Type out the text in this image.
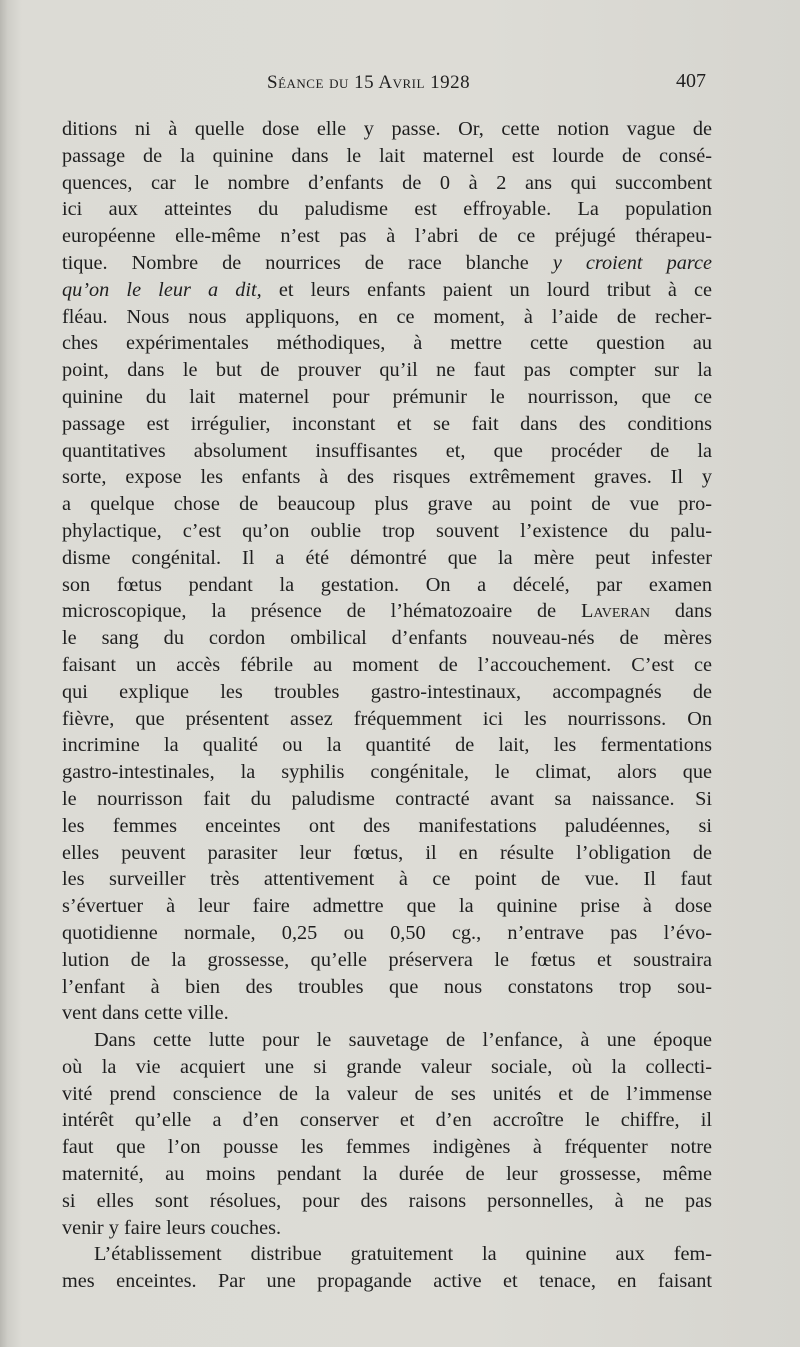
Séance du 15 Avril 1928	407
ditions ni à quelle dose elle y passe. Or, cette notion vague de
passage de la quinine dans le lait maternel est lourde de consé-
quences, car le nombre d’enfants de 0 à 2 ans qui succombent
ici aux atteintes du paludisme est effroyable. La population
européenne elle-même n’est pas à l’abri de ce préjugé thérapeu-
tique. Nombre de nourrices de race blanche y croient parce
qu’on le leur a dit, et leurs enfants paient un lourd tribut à ce
fléau. Nous nous appliquons, en ce moment, à l’aide de recher-
ches expérimentales méthodiques, à mettre cette question au
point, dans le but de prouver qu’il ne faut pas compter sur la
quinine du lait maternel pour prémunir le nourrisson, que ce
passage est irrégulier, inconstant et se fait dans des conditions
quantitatives absolument insuffisantes et, que procéder de la
sorte, expose les enfants à des risques extrêmement graves. Il y
a quelque chose de beaucoup plus grave au point de vue pro-
phylactique, c’est qu’on oublie trop souvent l’existence du palu-
disme congénital. Il a été démontré que la mère peut infester
son fœtus pendant la gestation. On a décelé, par examen
microscopique, la présence de l’hématozoaire de Laveran dans
le sang du cordon ombilical d’enfants nouveau-nés de mères
faisant un accès fébrile au moment de l’accouchement. C’est ce
qui explique les troubles gastro-intestinaux, accompagnés de
fièvre, que présentent assez fréquemment ici les nourrissons. On
incrimine la qualité ou la quantité de lait, les fermentations
gastro-intestinales, la syphilis congénitale, le climat, alors que
le nourrisson fait du paludisme contracté avant sa naissance. Si
les femmes enceintes ont des manifestations paludéennes, si
elles peuvent parasiter leur fœtus, il en résulte l’obligation de
les surveiller très attentivement à ce point de vue. Il faut
s’évertuer à leur faire admettre que la quinine prise à dose
quotidienne normale, 0,25 ou 0,50 cg., n’entrave pas l’évo-
lution de la grossesse, qu’elle préservera le fœtus et soustraira
l’enfant à bien des troubles que nous constatons trop sou-
vent dans cette ville.
Dans cette lutte pour le sauvetage de l’enfance, à une époque
où la vie acquiert une si grande valeur sociale, où la collecti-
vité prend conscience de la valeur de ses unités et de l’immense
intérêt qu’elle a d’en conserver et d’en accroître le chiffre, il
faut que l’on pousse les femmes indigènes à fréquenter notre
maternité, au moins pendant la durée de leur grossesse, même
si elles sont résolues, pour des raisons personnelles, à ne pas
venir y faire leurs couches.
L’établissement distribue gratuitement la quinine aux fem-
mes enceintes. Par une propagande active et tenace, en faisant
